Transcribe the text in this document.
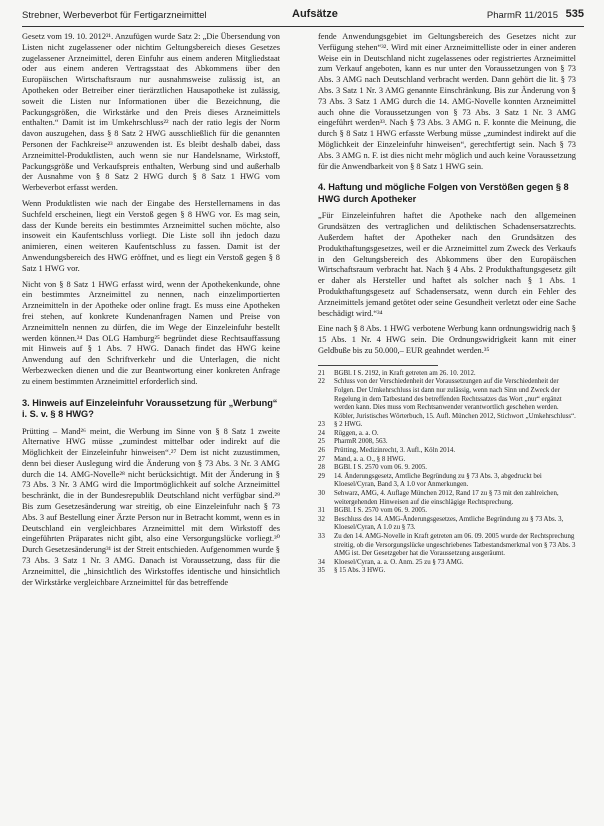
Strebner, Werbeverbot für Fertigarzneimittel	Aufsätze	PharmR 11/2015 535

Gesetz vom 19. 10. 2012²¹. Anzufügen wurde Satz 2: „Die Übersendung von Listen nicht zugelassener oder nichtim Geltungsbereich dieses Gesetzes zugelassener Arzneimittel, deren Einfuhr aus einem anderen Mitgliedstaat oder aus einem anderen Vertragsstaat des Abkommens über den Europäischen Wirtschaftsraum nur ausnahmsweise zulässig ist, an Apotheken oder Betreiber einer tierärztlichen Hausapotheke ist zulässig, soweit die Listen nur Informationen über die Bezeichnung, die Packungsgrößen, die Wirkstärke und den Preis dieses Arzneimittels enthalten.“ Damit ist im Umkehrschluss²² nach der ratio legis der Norm davon auszugehen, dass § 8 Satz 2 HWG ausschließlich für die genannten Personen der Fachkreise²³ anzuwenden ist. Es bleibt deshalb dabei, dass Arzneimittel-Produktlisten, auch wenn sie nur Handelsname, Wirkstoff, Packungsgröße und Verkaufspreis enthalten, Werbung sind und außerhalb der Ausnahme von § 8 Satz 2 HWG durch § 8 Satz 1 HWG vom Werbeverbot erfasst werden.

Wenn Produktlisten wie nach der Eingabe des Herstellernamens in das Suchfeld erscheinen, liegt ein Verstoß gegen § 8 HWG vor. Es mag sein, dass der Kunde bereits ein bestimmtes Arzneimittel suchen möchte, also insoweit ein Kaufentschluss vorliegt. Die Liste soll ihn jedoch dazu animieren, einen weiteren Kaufentschluss zu fassen. Damit ist der Anwendungsbereich des HWG eröffnet, und es liegt ein Verstoß gegen § 8 Satz 1 HWG vor.

Nicht von § 8 Satz 1 HWG erfasst wird, wenn der Apothekenkunde, ohne ein bestimmtes Arzneimittel zu nennen, nach einzelimportierten Arzneimitteln in der Apotheke oder online fragt. Es muss eine Apotheken frei stehen, auf konkrete Kundenanfragen Namen und Preise von Arzneimitteln nennen zu dürfen, die im Wege der Einzeleinfuhr bestellt werden können.²⁴ Das OLG Hamburg²⁵ begründet diese Rechtsauffassung mit Hinweis auf § 1 Abs. 7 HWG. Danach findet das HWG keine Anwendung auf den Schriftverkehr und die Unterlagen, die nicht Werbezwecken dienen und die zur Beantwortung einer konkreten Anfrage zu einem bestimmten Arzneimittel erforderlich sind.

3. Hinweis auf Einzeleinfuhr Voraussetzung für „Werbung“ i. S. v. § 8 HWG?

Prütting – Mand²⁶ meint, die Werbung im Sinne von § 8 Satz 1 zweite Alternative HWG müsse „zumindest mittelbar oder indirekt auf die Möglichkeit der Einzeleinfuhr hinweisen“.²⁷ Dem ist nicht zuzustimmen, denn bei dieser Auslegung wird die Änderung von § 73 Abs. 3 Nr. 3 AMG durch die 14. AMG-Novelle²⁸ nicht berücksichtigt. Mit der Änderung in § 73 Abs. 3 Nr. 3 AMG wird die Importmöglichkeit auf solche Arzneimittel beschränkt, die in der Bundesrepublik Deutschland nicht verfügbar sind.²⁹ Bis zum Gesetzesänderung war streitig, ob eine Einzeleinfuhr nach § 73 Abs. 3 auf Bestellung einer Ärzte Person nur in Betracht kommt, wenn es in Deutschland ein vergleichbares Arzneimittel mit dem Wirkstoff des eingeführten Präparates nicht gibt, also eine Versorgungslücke vorliegt.³⁰ Durch Gesetzesänderung³¹ ist der Streit entschieden. Aufgenommen wurde § 73 Abs. 3 Satz 1 Nr. 3 AMG. Danach ist Voraussetzung, dass für die Arzneimittel, die „hinsichtlich des Wirkstoffes identische und hinsichtlich der Wirkstärke vergleichbare Arzneimittel für das betreffende

fende Anwendungsgebiet im Geltungsbereich des Gesetzes nicht zur Verfügung stehen“³². Wird mit einer Arzneimittelliste oder in einer anderen Weise ein in Deutschland nicht zugelassenes oder registriertes Arzneimittel zum Verkauf angeboten, kann es nur unter den Voraussetzungen von § 73 Abs. 3 AMG nach Deutschland verbracht werden. Dann gehört die lit. § 73 Abs. 3 Satz 1 Nr. 3 AMG genannte Einschränkung. Bis zur Änderung von § 73 Abs. 3 Satz 1 AMG durch die 14. AMG-Novelle konnten Arzneimittel auch ohne die Voraussetzungen von § 73 Abs. 3 Satz 1 Nr. 3 AMG eingeführt werden³³. Nach § 73 Abs. 3 AMG n. F. konnte die Meinung, die durch § 8 Satz 1 HWG erfasste Werbung müsse „zumindest indirekt auf die Möglichkeit der Einzeleinfuhr hinweisen“, gerechtfertigt sein. Nach § 73 Abs. 3 AMG n. F. ist dies nicht mehr möglich und auch keine Voraussetzung für die Anwendbarkeit von § 8 Satz 1 HWG sein.

4. Haftung und mögliche Folgen von Verstößen gegen § 8 HWG durch Apotheker

„Für Einzeleinfuhren haftet die Apotheke nach den allgemeinen Grundsätzen des vertraglichen und deliktischen Schadensersatzrechts. Außerdem haftet der Apotheker nach den Grundsätzen des Produkthaftungsgesetzes, weil er die Arzneimittel zum Zweck des Verkaufs in den Geltungsbereich des Abkommens über den Europäischen Wirtschaftsraum verbracht hat. Nach § 4 Abs. 2 Produkthaftungsgesetz gilt er daher als Hersteller und haftet als solcher nach § 1 Abs. 1 Produkthaftungsgesetz auf Schadensersatz, wenn durch ein Fehler des Arzneimittels jemand getötet oder seine Gesundheit verletzt oder eine Sache beschädigt wird.“³⁴

Eine nach § 8 Abs. 1 HWG verbotene Werbung kann ordnungswidrig nach § 15 Abs. 1 Nr. 4 HWG sein. Die Ordnungswidrigkeit kann mit einer Geldbuße bis zu 50.000,– EUR geahndet werden.³⁵

21	BGBl. I S. 2192, in Kraft getreten am 26. 10. 2012.
22	Schluss von der Verschiedenheit der Voraussetzungen auf die Verschiedenheit der Folgen. Der Umkehrschluss ist dann nur zulässig, wenn nach Sinn und Zweck der Regelung in dem Tatbestand des betreffenden Rechtssatzes das Wort „nur“ ergänzt werden kann. Dies muss vom Rechtsanwender verantwortlich geschehen werden. Köbler, Juristisches Wörterbuch, 15. Aufl. München 2012, Stichwort „Umkehrschluss“.
23	§ 2 HWG.
24	Rüggen, a. a. O.
25	PharmR 2008, 563.
26	Prütting, Medizinrecht, 3. Aufl., Köln 2014.
27	Mand, a. a. O., § 8 HWG.
28	BGBl. I S. 2570 vom 06. 9. 2005.
29	14. Änderungsgesetz, Amtliche Begründung zu § 73 Abs. 3, abgedruckt bei Kloesel/Cyran, Band 3, A 1.0 vor Anmerkungen.
30	Sehwarz, AMG, 4. Auflage München 2012, Rand 17 zu § 73 mit den zahlreichen, weitergehenden Hinweisen auf die einschlägige Rechtsprechung.
31	BGBl. I S. 2570 vom 06. 9. 2005.
32	Beschluss des 14. AMG-Änderungsgesetzes, Amtliche Begründung zu § 73 Abs. 3, Kloesel/Cyran, A 1.0 zu § 73.
33	Zu den 14. AMG-Novelle in Kraft getreten am 06. 09. 2005 wurde der Rechtsprechung streitig, ob die Versorgungslücke ungeschriebenes Tatbestandsmerkmal von § 73 Abs. 3 AMG ist. Der Gesetzgeber hat die Voraussetzung ausgeräumt.
34	Kloesel/Cyran, a. a. O. Anm. 25 zu § 73 AMG.
35	§ 15 Abs. 3 HWG.
